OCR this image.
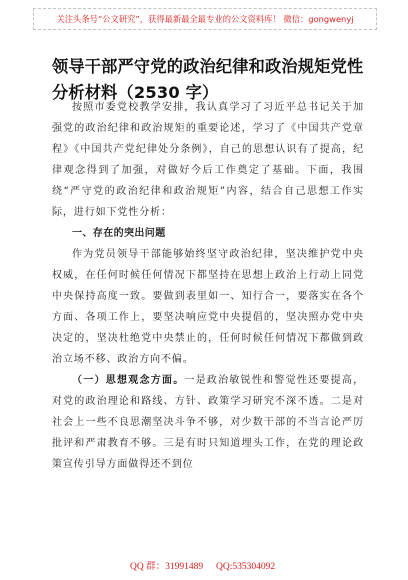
关注头条号“公文研究”，获得最新最全最专业的公文资料库！ 微信：gongwenyj
领导干部严守党的政治纪律和政治规矩党性分析材料（2530 字）

按照市委党校教学安排，我认真学习了习近平总书记关于加强党的政治纪律和政治规矩的重要论述，学习了《中国共产党章程》《中国共产党纪律处分条例》，自己的思想认识有了提高，纪律观念得到了加强，对做好今后工作奠定了基础。下面，我围绕“严守党的政治纪律和政治规矩”内容，结合自己思想工作实际，进行如下党性分析：

一、存在的突出问题

作为党员领导干部能够始终坚守政治纪律，坚决维护党中央权威，在任何时候任何情况下都坚持在思想上政治上行动上同党中央保持高度一致。要做到表里如一、知行合一，要落实在各个方面、各项工作上，要坚决响应党中央提倡的，坚决照办党中央决定的，坚决杜绝党中央禁止的，任何时候任何情况下都做到政治立场不移、政治方向不偏。

（一）思想观念方面。一是政治敏锐性和警觉性还要提高，对党的政治理论和路线、方针、政策学习研究不深不透。二是对社会上一些不良思潮坚决斗争不够，对少数干部的不当言论严厉批评和严肃教育不够。三是有时只知道埋头工作，在党的理论政策宣传引导方面做得还不到位

QQ 群：31991489 QQ:535304092
